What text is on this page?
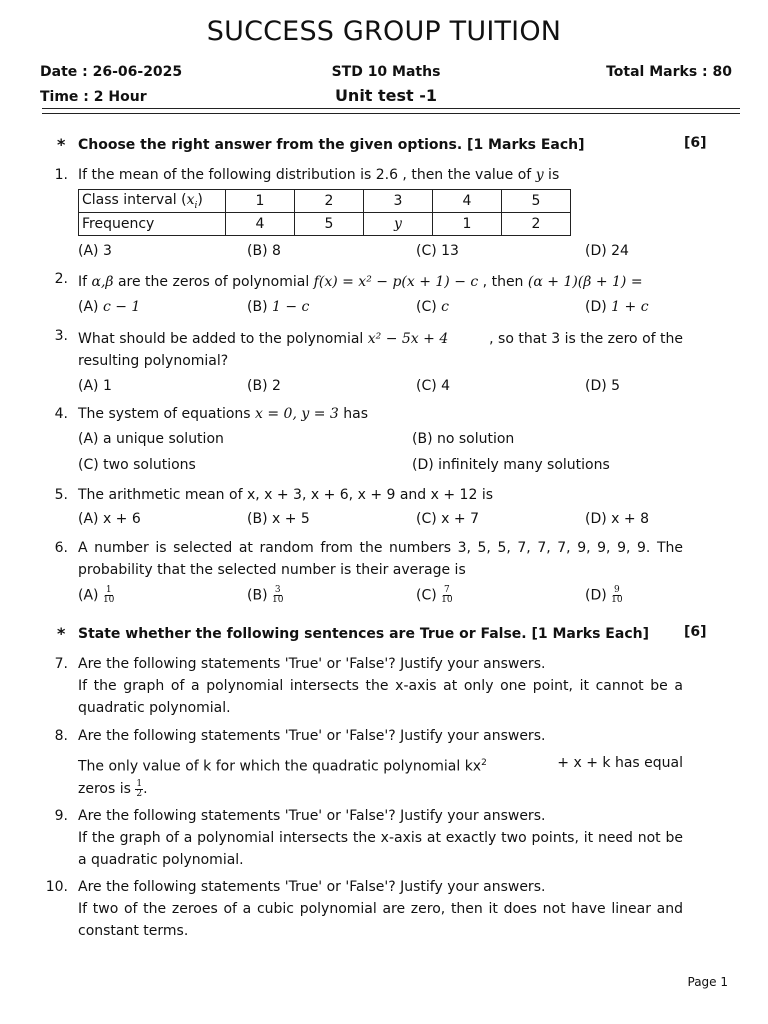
SUCCESS GROUP TUITION
Date : 26-06-2025
Time : 2 Hour
STD 10 Maths
Unit test -1
Total Marks : 80
* Choose the right answer from the given options. [1 Marks Each]	[6]
1. If the mean of the following distribution is 2.6 , then the value of y is
Class interval $(x_i)$	1	2	3	4	5
Frequency	4	5	y	1	2
(A) 3	(B) 8	(C) 13	(D) 24
2. If α,β are the zeros of polynomial f(x) = x² − p(x + 1) − c , then (α + 1)(β + 1) =
(A) c − 1	(B) 1 − c	(C) c	(D) 1 + c
3. What should be added to the polynomial x² − 5x + 4	, so that 3 is the zero of the
resulting polynomial?
(A) 1	(B) 2	(C) 4	(D) 5
4. The system of equations x = 0, y = 3 has
(A) a unique solution	(B) no solution
(C) two solutions	(D) infinitely many solutions
5. The arithmetic mean of x, x + 3, x + 6, x + 9 and x + 12 is
(A) x + 6	(B) x + 5	(C) x + 7	(D) x + 8
6. A number is selected at random from the numbers 3, 5, 5, 7, 7, 7, 9, 9, 9, 9. The probability that the selected number is their average is
$(A) \frac{1}{10}$	$(B) \frac{3}{10}$	$(C) \frac{7}{10}$	$(D) \frac{9}{10}$
* State whether the following sentences are True or False. [1 Marks Each]	[6]
7. Are the following statements 'True' or 'False'? Justify your answers.
If the graph of a polynomial intersects the x-axis at only one point, it cannot be a quadratic polynomial.
8. Are the following statements 'True' or 'False'? Justify your answers.
The only value of k for which the quadratic polynomial $kx^2$	+ x + k has equal
zeros is $\frac{1}{2}$ .
9. Are the following statements 'True' or 'False'? Justify your answers.
If the graph of a polynomial intersects the x-axis at exactly two points, it need not be a quadratic polynomial.
10. Are the following statements 'True' or 'False'? Justify your answers.
If two of the zeroes of a cubic polynomial are zero, then it does not have linear and constant terms.
Page 1
